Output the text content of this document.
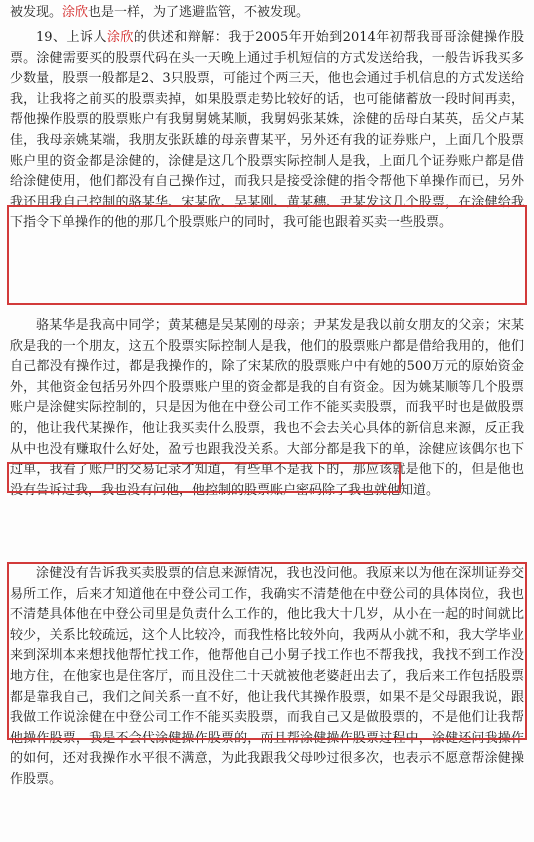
被发现。涂欣也是一样，为了逃避监管，不被发现。

19、上诉人涂欣的供述和辩解：我于2005年开始到2014年初帮我哥哥涂健操作股票。涂健需要买的股票代码在头一天晚上通过手机短信的方式发送给我，一般告诉我买多少数量，股票一般都是2、3只股票，可能过个两三天，他也会通过手机信息的方式发送给我，让我将之前买的股票卖掉，如果股票走势比较好的话，也可能储蓄放一段时间再卖，帮他操作股票的股票账户有我舅舅姚某顺，我舅妈张某姝，涂健的岳母白某英，岳父卢某佳，我母亲姚某端，我朋友张跃雄的母亲曹某平，另外还有我的证券账户，上面几个股票账户里的资金都是涂健的，涂健是这几个股票实际控制人是我，上面几个证券账户都是借给涂健使用，他们都没有自己操作过，而我只是接受涂健的指令帮他下单操作而已，另外我还用我自己控制的骆某华、宋某欣、吴某刚、黄某穗、尹某发这几个股票，在涂健给我下指令下单操作的他的那几个股票账户的同时，我可能也跟着买卖一些股票。

骆某华是我高中同学；黄某穗是吴某刚的母亲；尹某发是我以前女朋友的父亲；宋某欣是我的一个朋友，这五个股票实际控制人是我，他们的股票账户都是借给我用的，他们自己都没有操作过，都是我操作的，除了宋某欣的股票账户中有她的500万元的原始资金外，其他资金包括另外四个股票账户里的资金都是我的自有资金。因为姚某顺等几个股票账户是涂健实际控制的，只是因为他在中登公司工作不能买卖股票，而我平时也是做股票的，他让我代某操作，他让我买卖什么股票，我也不会去关心具体的新信息来源，反正我从中也没有赚取什么好处，盈亏也跟我没关系。大部分都是我下的单，涂健应该偶尔也下过单，我看了账户的交易记录才知道，有些单不是我下的，那应该就是他下的，但是他也没有告诉过我，我也没有问他，他控制的股票账户密码除了我也就他知道。

涂健没有告诉我买卖股票的信息来源情况，我也没问他。我原来以为他在深圳证券交易所工作，后来才知道他在中登公司工作，我确实不清楚他在中登公司的具体岗位，我也不清楚具体他在中登公司里是负责什么工作的，他比我大十几岁，从小在一起的时间就比较少，关系比较疏远，这个人比较冷，而我性格比较外向，我两从小就不和，我大学毕业来到深圳本来想找他帮忙找工作，他帮他自己小舅子找工作也不帮我找，我找不到工作没地方住，在他家也是住客厅，而且没住二十天就被他老婆赶出去了，我后来工作包括股票都是靠我自己，我们之间关系一直不好，他让我代其操作股票，如果不是父母跟我说，跟我做工作说涂健在中登公司工作不能买卖股票，而我自己又是做股票的，不是他们让我帮他操作股票，我是不会代涂健操作股票的，而且帮涂健操作股票过程中，涂健还问我操作的如何，还对我操作水平很不满意，为此我跟我父母吵过很多次，也表示不愿意帮涂健操作股票。
